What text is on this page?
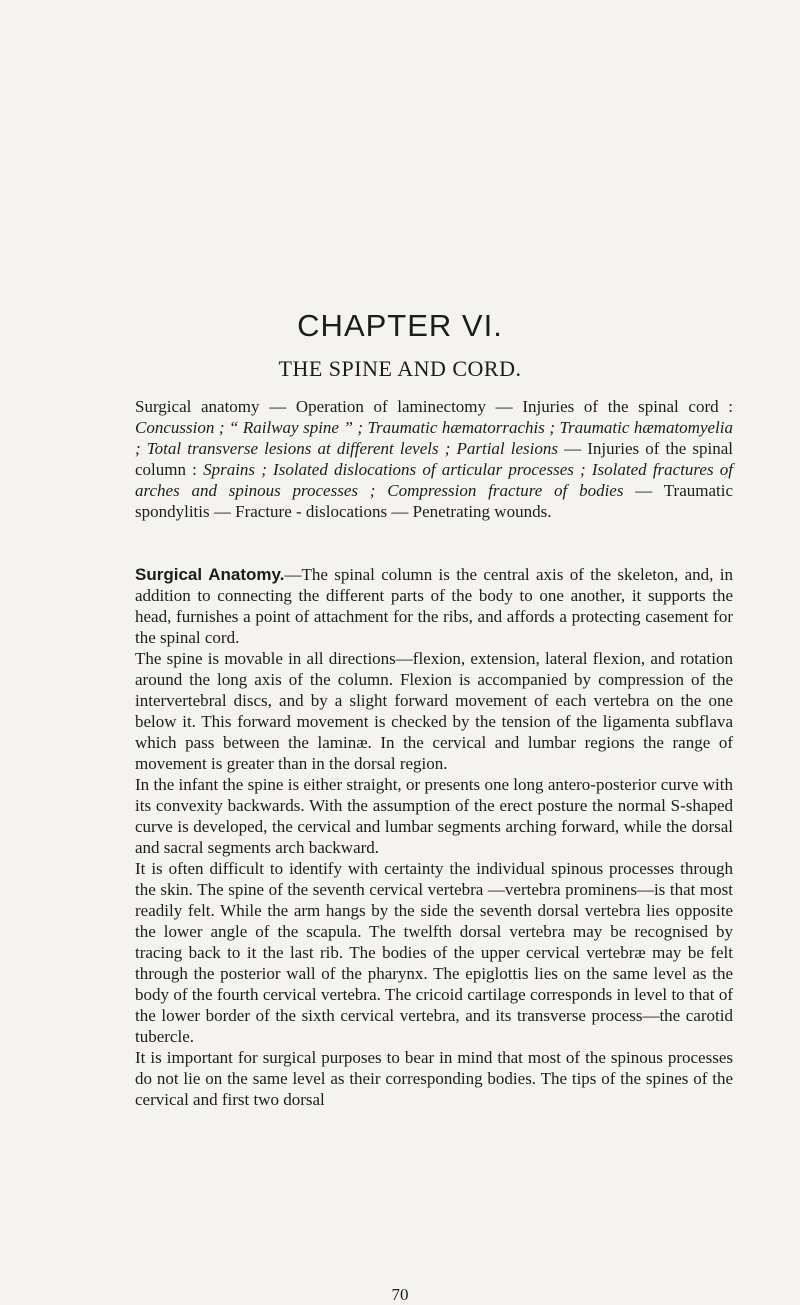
CHAPTER VI.
THE SPINE AND CORD.

Surgical anatomy — Operation of laminectomy — Injuries of the spinal cord : Concussion ; “ Railway spine ” ; Traumatic hæmatorrachis ; Traumatic hæmatomyelia ; Total transverse lesions at different levels ; Partial lesions — Injuries of the spinal column : Sprains ; Isolated dislocations of articular processes ; Isolated fractures of arches and spinous processes ; Compression fracture of bodies — Traumatic spondylitis — Fracture - dislocations — Penetrating wounds.

Surgical Anatomy.—The spinal column is the central axis of the skeleton, and, in addition to connecting the different parts of the body to one another, it supports the head, furnishes a point of attachment for the ribs, and affords a protecting casement for the spinal cord.

The spine is movable in all directions—flexion, extension, lateral flexion, and rotation around the long axis of the column. Flexion is accompanied by compression of the intervertebral discs, and by a slight forward movement of each vertebra on the one below it. This forward movement is checked by the tension of the ligamenta subflava which pass between the laminæ. In the cervical and lumbar regions the range of movement is greater than in the dorsal region.

In the infant the spine is either straight, or presents one long antero-posterior curve with its convexity backwards. With the assumption of the erect posture the normal S-shaped curve is developed, the cervical and lumbar segments arching forward, while the dorsal and sacral segments arch backward.

It is often difficult to identify with certainty the individual spinous processes through the skin. The spine of the seventh cervical vertebra —vertebra prominens—is that most readily felt. While the arm hangs by the side the seventh dorsal vertebra lies opposite the lower angle of the scapula. The twelfth dorsal vertebra may be recognised by tracing back to it the last rib. The bodies of the upper cervical vertebræ may be felt through the posterior wall of the pharynx. The epiglottis lies on the same level as the body of the fourth cervical vertebra. The cricoid cartilage corresponds in level to that of the lower border of the sixth cervical vertebra, and its transverse process—the carotid tubercle.

It is important for surgical purposes to bear in mind that most of the spinous processes do not lie on the same level as their corresponding bodies. The tips of the spines of the cervical and first two dorsal

70
